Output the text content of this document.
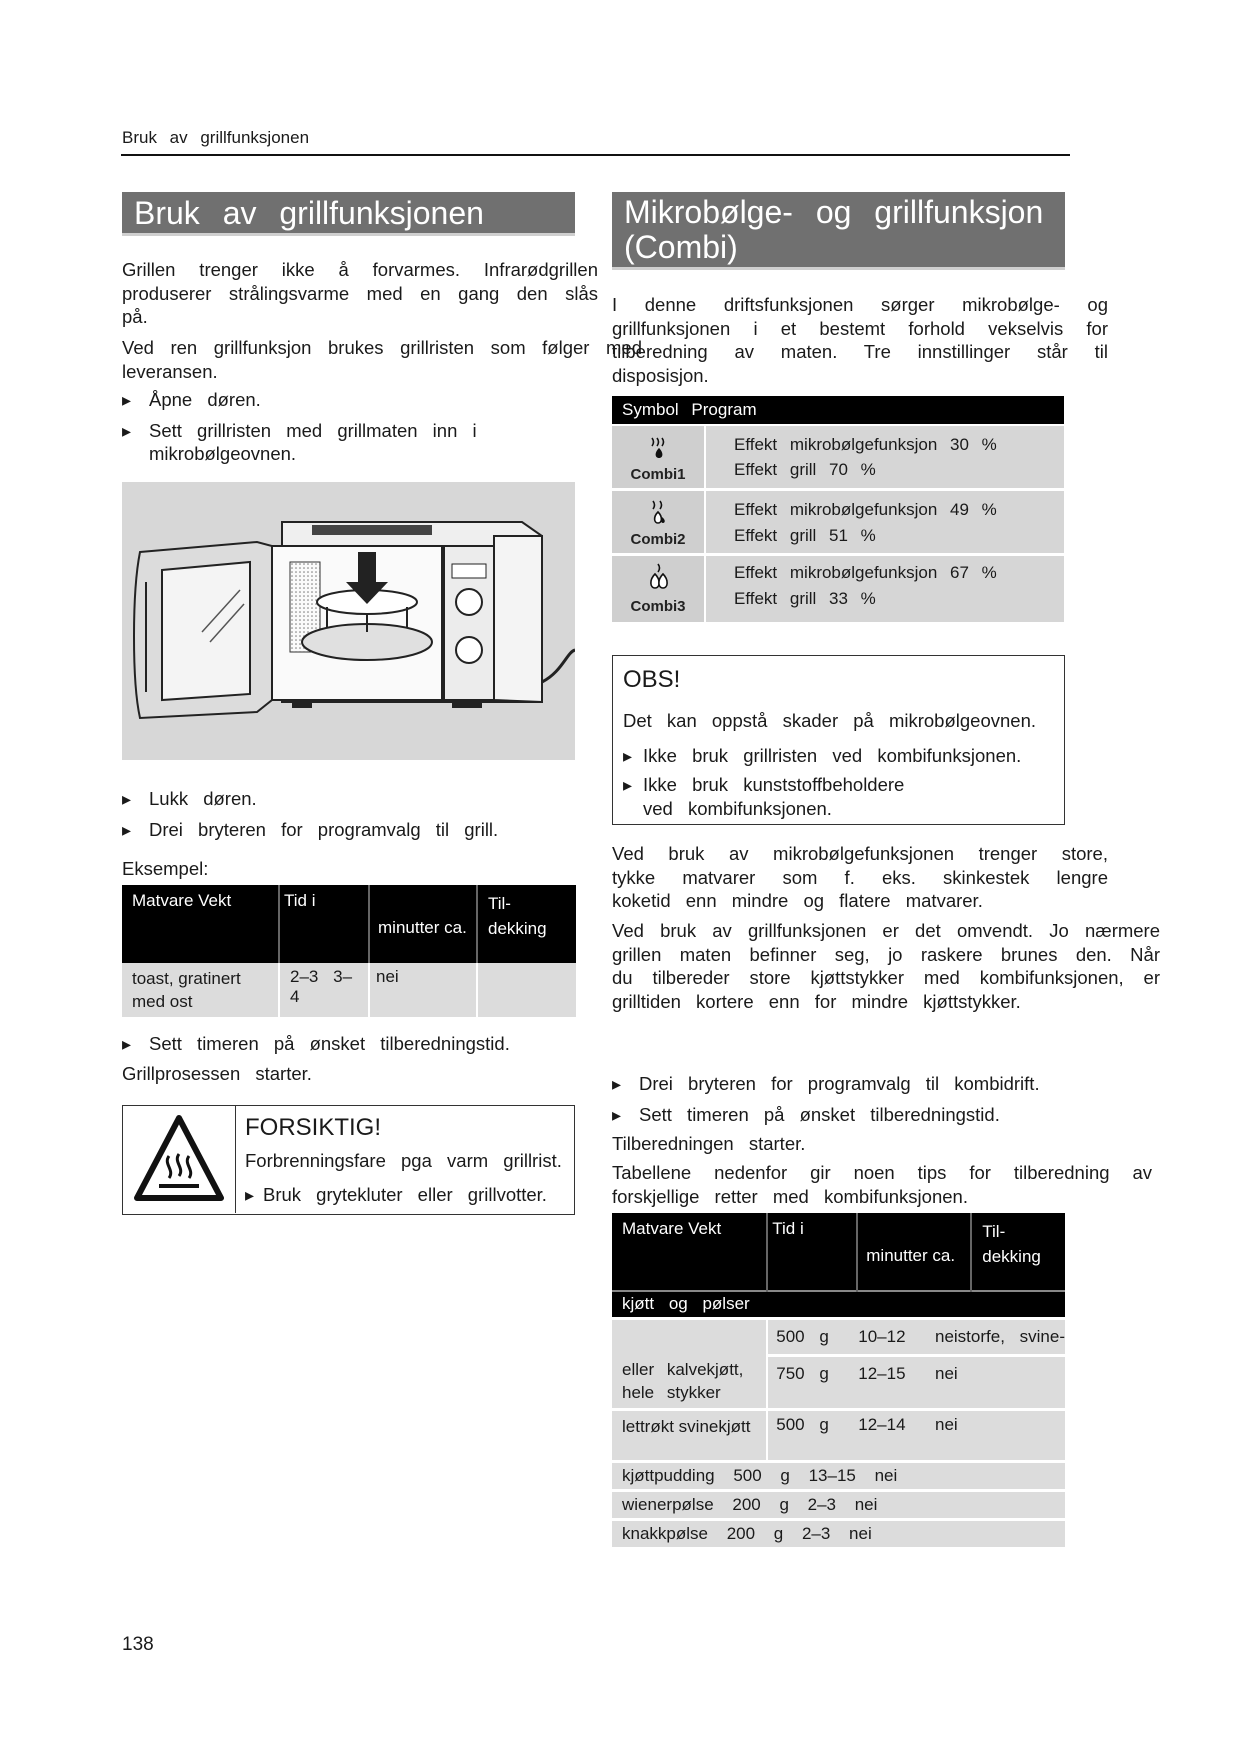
Bruk av grillfunksjonen
Bruk av grillfunksjonen
Grillen trenger ikke å forvarmes. Infrarødgrillen produserer strålingsvarme med en gang den slås på.
Ved ren grillfunksjon brukes grillristen som følger med leveransen.
▸
Åpne døren.
▸
Sett grillristen med grillmaten inn i mikrobølgeovnen.
▸
Lukk døren.
▸
Drei bryteren for programvalg til grill.
Eksempel:
Matvare Vekt	Tid i	minutter ca.	Til-dekking
toast, gratinert med ost	2–3 3–4	nei	
▸
Sett timeren på ønsket tilberedningstid.
Grillprosessen starter.
FORSIKTIG!
Forbrenningsfare pga varm grillrist.
▸
Bruk grytekluter eller grillvotter.
Mikrobølge- og grillfunksjon
(Combi)
I denne driftsfunksjonen sørger mikrobølge- og grillfunksjonen i et bestemt forhold vekselvis for tilberedning av maten. Tre innstillinger står til disposisjon.
Symbol Program
Combi1
Effekt mikrobølgefunksjon 30 %
Effekt grill 70 %
Combi2
Effekt mikrobølgefunksjon 49 %
Effekt grill 51 %
Combi3
Effekt mikrobølgefunksjon 67 %
Effekt grill 33 %
OBS!
Det kan oppstå skader på mikrobølgeovnen.
▸
Ikke bruk grillristen ved kombifunksjonen.
▸
Ikke bruk kunststoffbeholdere ved kombifunksjonen.
Ved bruk av mikrobølgefunksjonen trenger store, tykke matvarer som f. eks. skinkestek lengre koketid enn mindre og flatere matvarer.
Ved bruk av grillfunksjonen er det omvendt. Jo nærmere grillen maten befinner seg, jo raskere brunes den. Når du tilbereder store kjøttstykker med kombifunksjonen, er grilltiden kortere enn for mindre kjøttstykker.
▸
Drei bryteren for programvalg til kombidrift.
▸
Sett timeren på ønsket tilberedningstid.
Tilberedningen starter.
Tabellene nedenfor gir noen tips for tilberedning av forskjellige retter med kombifunksjonen.
Matvare Vekt	Tid i	minutter ca.	Til-dekking
kjøtt og pølser			
eller kalvekjøtt, hele stykker	500 g 10–12 neistorfe, svine-
750 g 12–15 nei		

lettrøkt svinekjøtt	500 g 12–14 nei		
kjøttpudding 500 g 13–15 nei			
wienerpølse 200 g 2–3 nei			
knakkpølse 200 g 2–3 nei			
138
